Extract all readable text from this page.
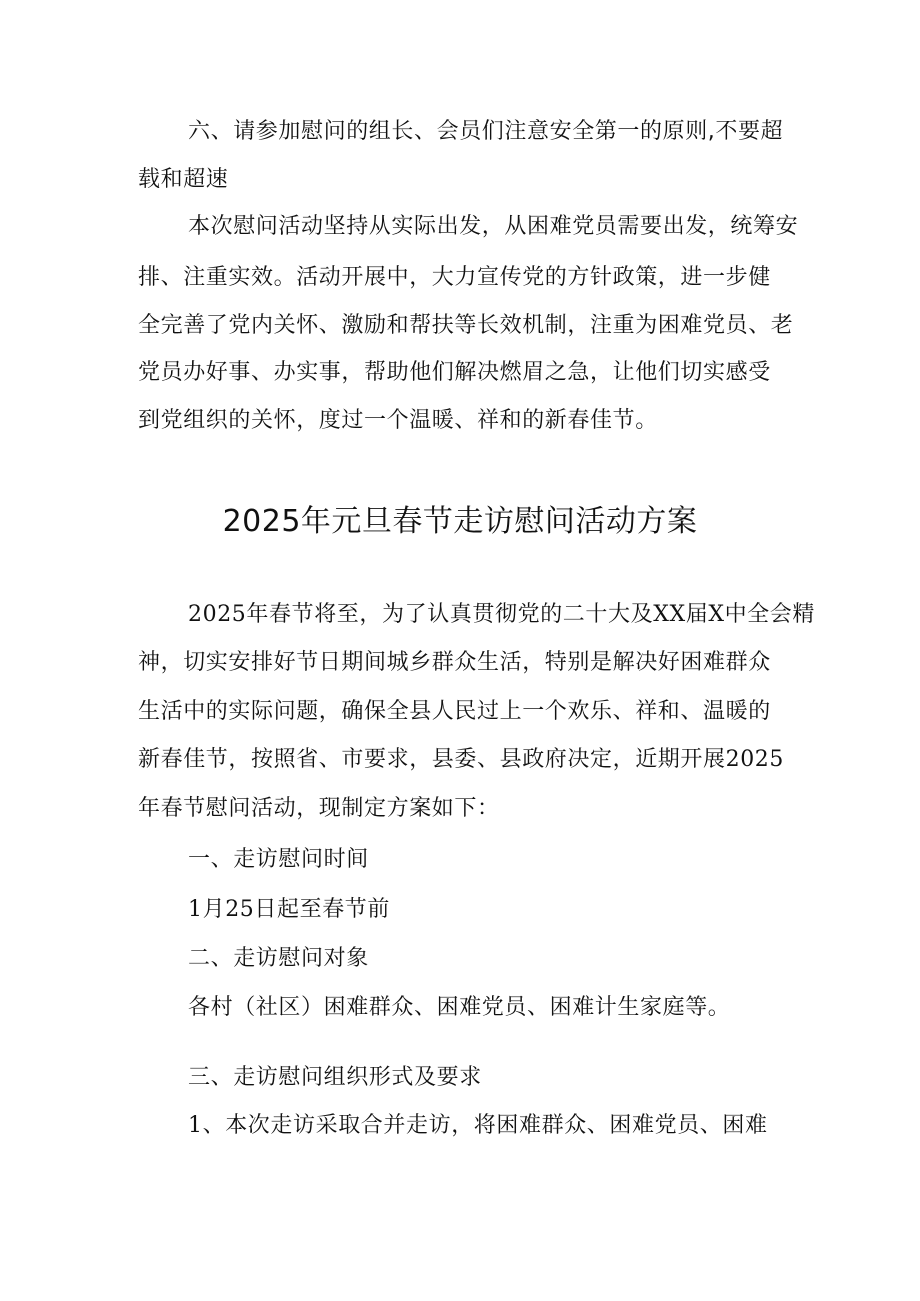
六、请参加慰问的组长、会员们注意安全第一的原则,不要超
载和超速
本次慰问活动坚持从实际出发，从困难党员需要出发，统筹安
排、注重实效。活动开展中，大力宣传党的方针政策，进一步健
全完善了党内关怀、激励和帮扶等长效机制，注重为困难党员、老
党员办好事、办实事，帮助他们解决燃眉之急，让他们切实感受
到党组织的关怀，度过一个温暖、祥和的新春佳节。
2025年元旦春节走访慰问活动方案
2025年春节将至，为了认真贯彻党的二十大及XX届X中全会精
神，切实安排好节日期间城乡群众生活，特别是解决好困难群众
生活中的实际问题，确保全县人民过上一个欢乐、祥和、温暖的
新春佳节，按照省、市要求，县委、县政府决定，近期开展2025
年春节慰问活动，现制定方案如下：
一、走访慰问时间
1月25日起至春节前
二、走访慰问对象
各村（社区）困难群众、困难党员、困难计生家庭等。
三、走访慰问组织形式及要求
1、本次走访采取合并走访，将困难群众、困难党员、困难
